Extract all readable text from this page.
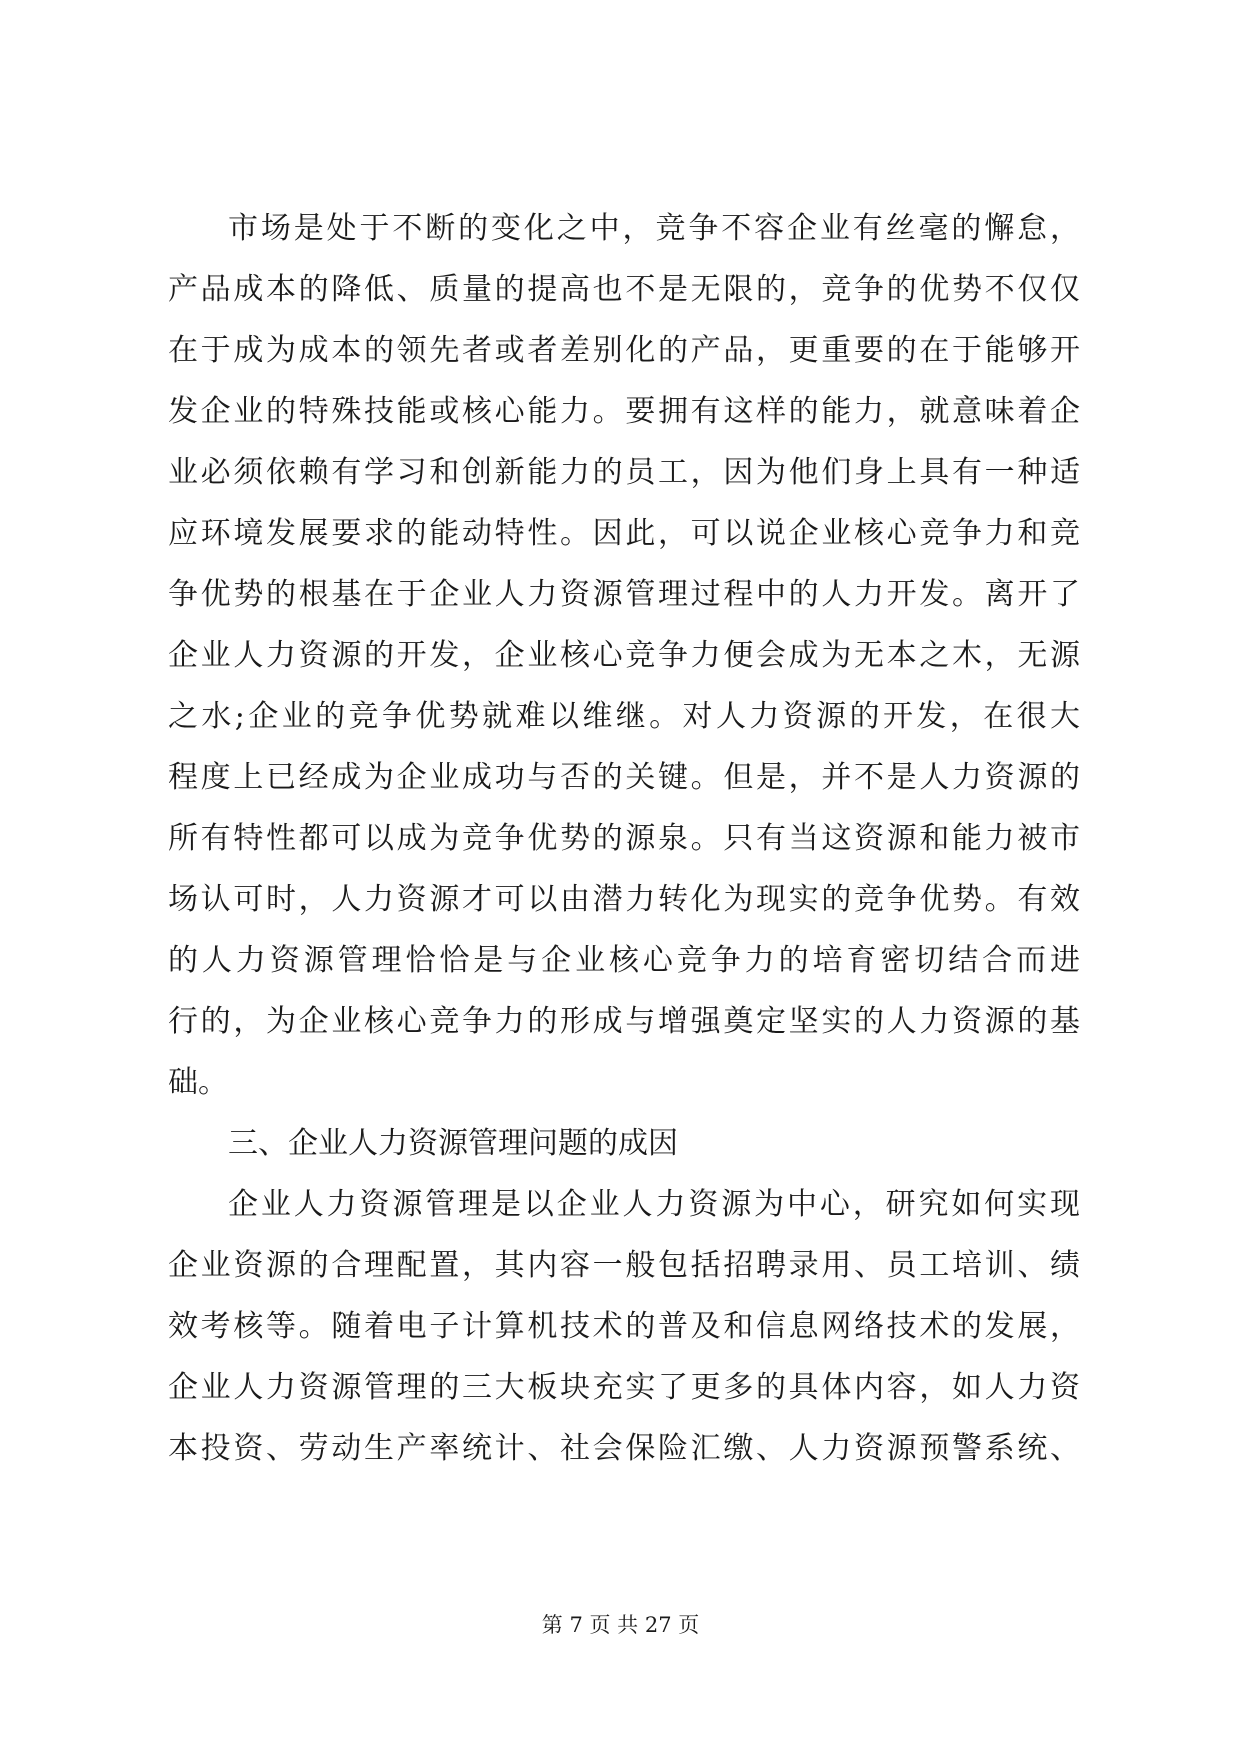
市场是处于不断的变化之中，竞争不容企业有丝毫的懈怠，
产品成本的降低、质量的提高也不是无限的，竞争的优势不仅仅
在于成为成本的领先者或者差别化的产品，更重要的在于能够开
发企业的特殊技能或核心能力。要拥有这样的能力，就意味着企
业必须依赖有学习和创新能力的员工，因为他们身上具有一种适
应环境发展要求的能动特性。因此，可以说企业核心竞争力和竞
争优势的根基在于企业人力资源管理过程中的人力开发。离开了
企业人力资源的开发，企业核心竞争力便会成为无本之木，无源
之水;企业的竞争优势就难以维继。对人力资源的开发，在很大
程度上已经成为企业成功与否的关键。但是，并不是人力资源的
所有特性都可以成为竞争优势的源泉。只有当这资源和能力被市
场认可时，人力资源才可以由潜力转化为现实的竞争优势。有效
的人力资源管理恰恰是与企业核心竞争力的培育密切结合而进
行的，为企业核心竞争力的形成与增强奠定坚实的人力资源的基
础。
三、企业人力资源管理问题的成因
企业人力资源管理是以企业人力资源为中心，研究如何实现
企业资源的合理配置，其内容一般包括招聘录用、员工培训、绩
效考核等。随着电子计算机技术的普及和信息网络技术的发展，
企业人力资源管理的三大板块充实了更多的具体内容，如人力资
本投资、劳动生产率统计、社会保险汇缴、人力资源预警系统、
第 7 页 共 27 页
